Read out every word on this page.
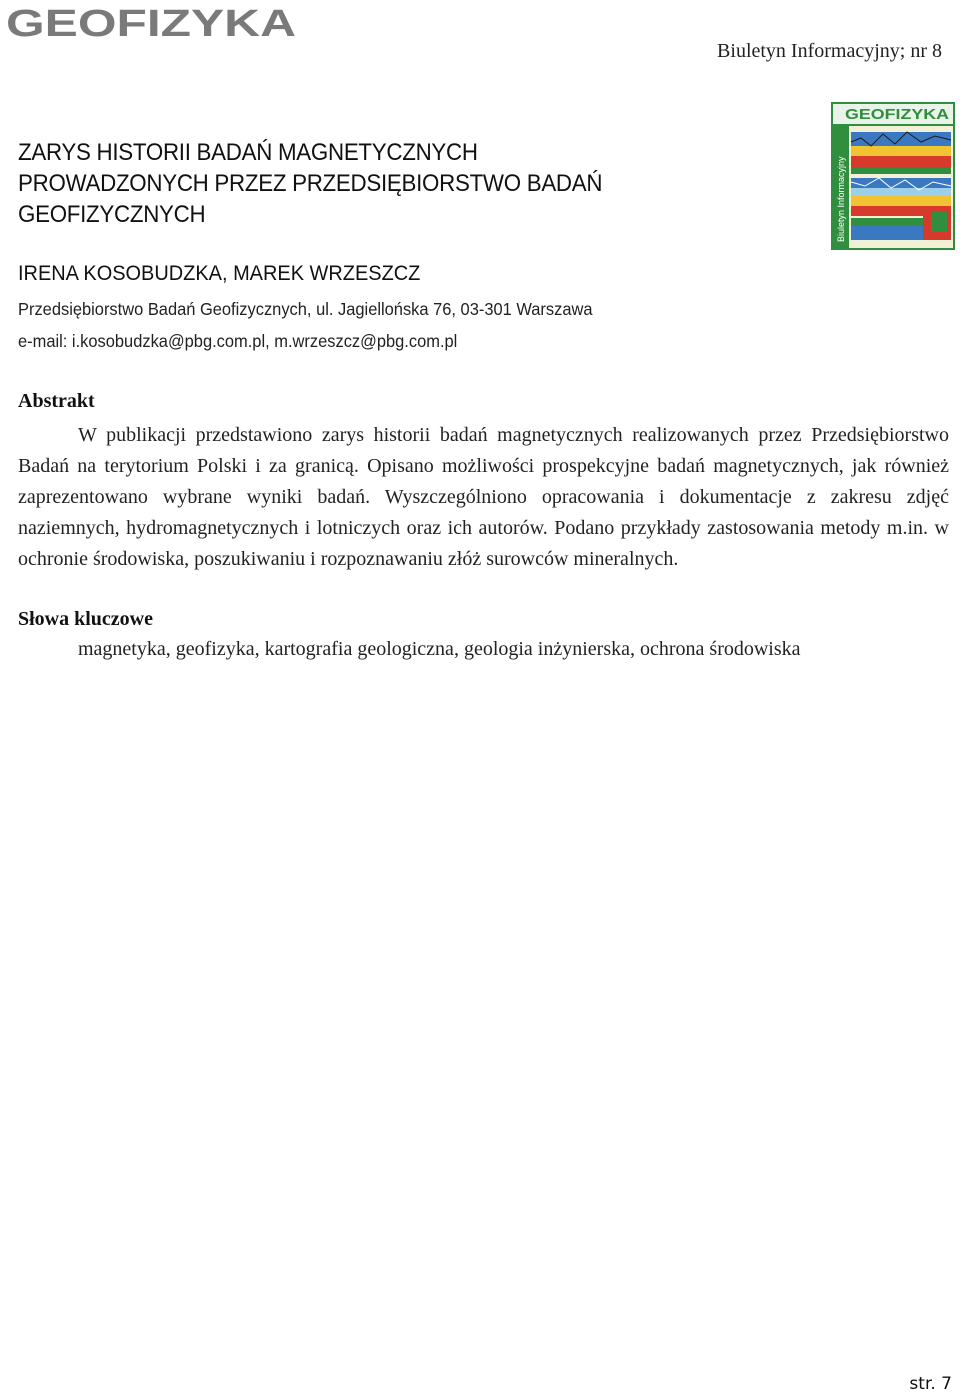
GEOFIZYKA
Biuletyn Informacyjny; nr 8
GEOFIZYKA
Biuletyn Informacyjny
ZARYS HISTORII BADAŃ MAGNETYCZNYCH
PROWADZONYCH PRZEZ PRZEDSIĘBIORSTWO BADAŃ GEOFIZYCZNYCH
IRENA KOSOBUDZKA, MAREK WRZESZCZ
Przedsiębiorstwo Badań Geofizycznych, ul. Jagiellońska 76, 03-301 Warszawa
e-mail: i.kosobudzka@pbg.com.pl, m.wrzeszcz@pbg.com.pl
Abstrakt
W publikacji przedstawiono zarys historii badań magnetycznych realizowanych przez Przedsiębiorstwo Badań na terytorium Polski i za granicą. Opisano możliwości prospekcyjne badań magnetycznych, jak również zaprezentowano wybrane wyniki badań. Wyszczególniono opracowania i dokumentacje z zakresu zdjęć naziemnych, hydromagnetycznych i lotniczych oraz ich autorów. Podano przykłady zastosowania metody m.in. w ochronie środowiska, poszukiwaniu i rozpoznawaniu złóż surowców mineralnych.
Słowa kluczowe
magnetyka, geofizyka, kartografia geologiczna, geologia inżynierska, ochrona środowiska
str. 7
